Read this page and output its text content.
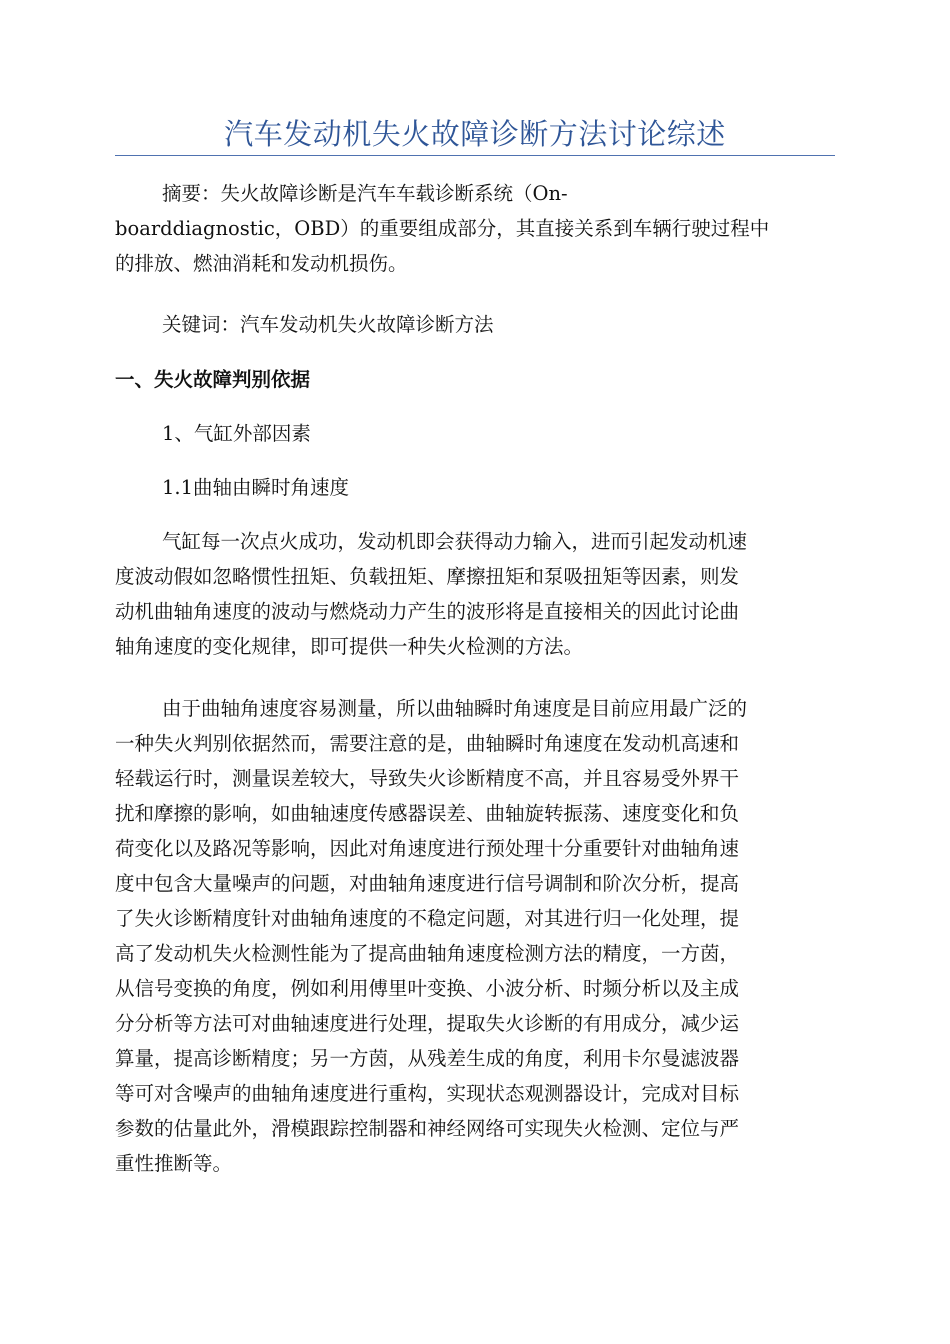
汽车发动机失火故障诊断方法讨论综述
摘要：失火故障诊断是汽车车载诊断系统（On-
boarddiagnostic，OBD）的重要组成部分，其直接关系到车辆行驶过程中
的排放、燃油消耗和发动机损伤。
关键词：汽车发动机失火故障诊断方法
一、失火故障判别依据
1、气缸外部因素
1.1曲轴由瞬时角速度
气缸每一次点火成功，发动机即会获得动力输入，进而引起发动机速
度波动假如忽略惯性扭矩、负载扭矩、摩擦扭矩和泵吸扭矩等因素，则发
动机曲轴角速度的波动与燃烧动力产生的波形将是直接相关的因此讨论曲
轴角速度的变化规律，即可提供一种失火检测的方法。
由于曲轴角速度容易测量，所以曲轴瞬时角速度是目前应用最广泛的
一种失火判别依据然而，需要注意的是，曲轴瞬时角速度在发动机高速和
轻载运行时，测量误差较大，导致失火诊断精度不高，并且容易受外界干
扰和摩擦的影响，如曲轴速度传感器误差、曲轴旋转振荡、速度变化和负
荷变化以及路况等影响，因此对角速度进行预处理十分重要针对曲轴角速
度中包含大量噪声的问题，对曲轴角速度进行信号调制和阶次分析，提高
了失火诊断精度针对曲轴角速度的不稳定问题，对其进行归一化处理，提
高了发动机失火检测性能为了提高曲轴角速度检测方法的精度，一方茵，
从信号变换的角度，例如利用傅里叶变换、小波分析、时频分析以及主成
分分析等方法可对曲轴速度进行处理，提取失火诊断的有用成分，减少运
算量，提高诊断精度；另一方茵，从残差生成的角度，利用卡尔曼滤波器
等可对含噪声的曲轴角速度进行重构，实现状态观测器设计，完成对目标
参数的估量此外，滑模跟踪控制器和神经网络可实现失火检测、定位与严
重性推断等。
